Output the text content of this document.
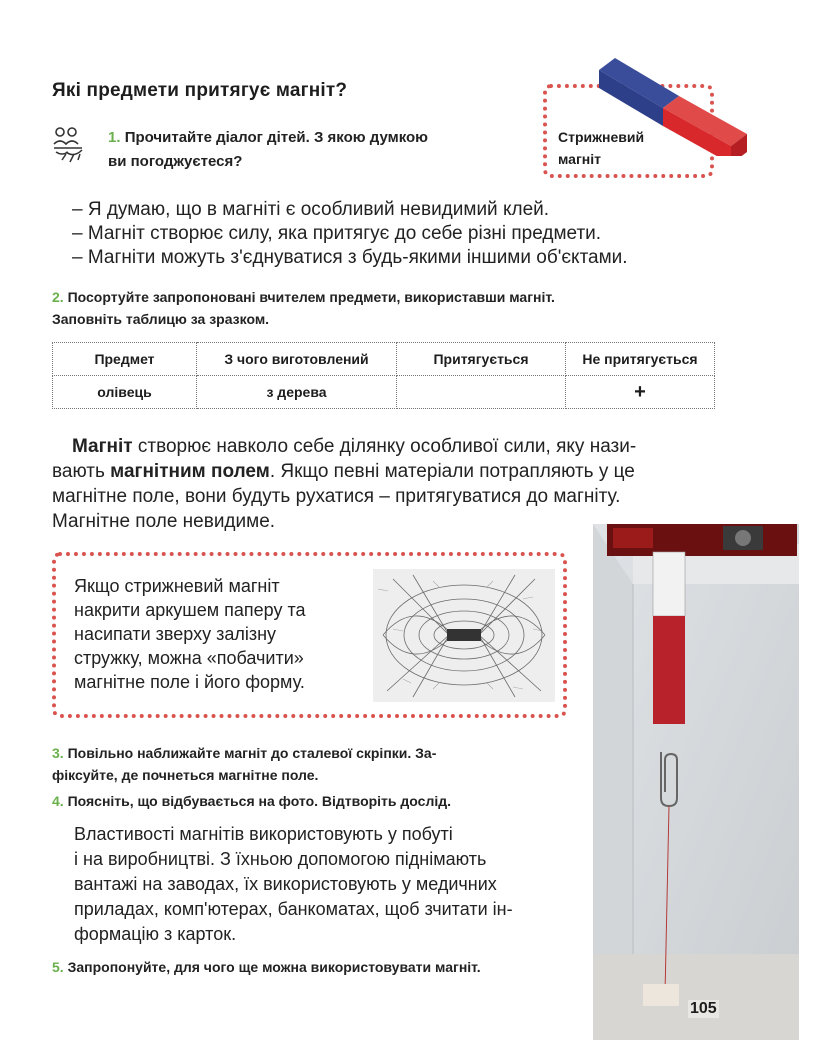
Які предмети притягує магніт?
1. Прочитайте діалог дітей. З якою думкою
ви погоджуєтеся?
Стрижневий
магніт
– Я думаю, що в магніті є особливий невидимий клей.
– Магніт створює силу, яка притягує до себе різні предмети.
– Магніти можуть з'єднуватися з будь-якими іншими об'єктами.
2. Посортуйте запропоновані вчителем предмети, використавши магніт.
Заповніть таблицю за зразком.
Предмет	З чого виготовлений	Притягується	Не притягується
олівець	з дерева		+
Магніт створює навколо себе ділянку особливої сили, яку нази-
вають магнітним полем. Якщо певні матеріали потрапляють у це
магнітне поле, вони будуть рухатися – притягуватися до магніту.
Магнітне поле невидиме.
Якщо стрижневий магніт
накрити аркушем паперу та
насипати зверху залізну
стружку, можна «побачити»
магнітне поле і його форму.
3. Повільно наближайте магніт до сталевої скріпки. За-
фіксуйте, де почнеться магнітне поле.
4. Поясніть, що відбувається на фото. Відтворіть дослід.
Властивості магнітів використовують у побуті
і на виробництві. З їхньою допомогою піднімають
вантажі на заводах, їх використовують у медичних
приладах, комп'ютерах, банкоматах, щоб зчитати ін-
формацію з карток.
5. Запропонуйте, для чого ще можна використовувати магніт.
105
